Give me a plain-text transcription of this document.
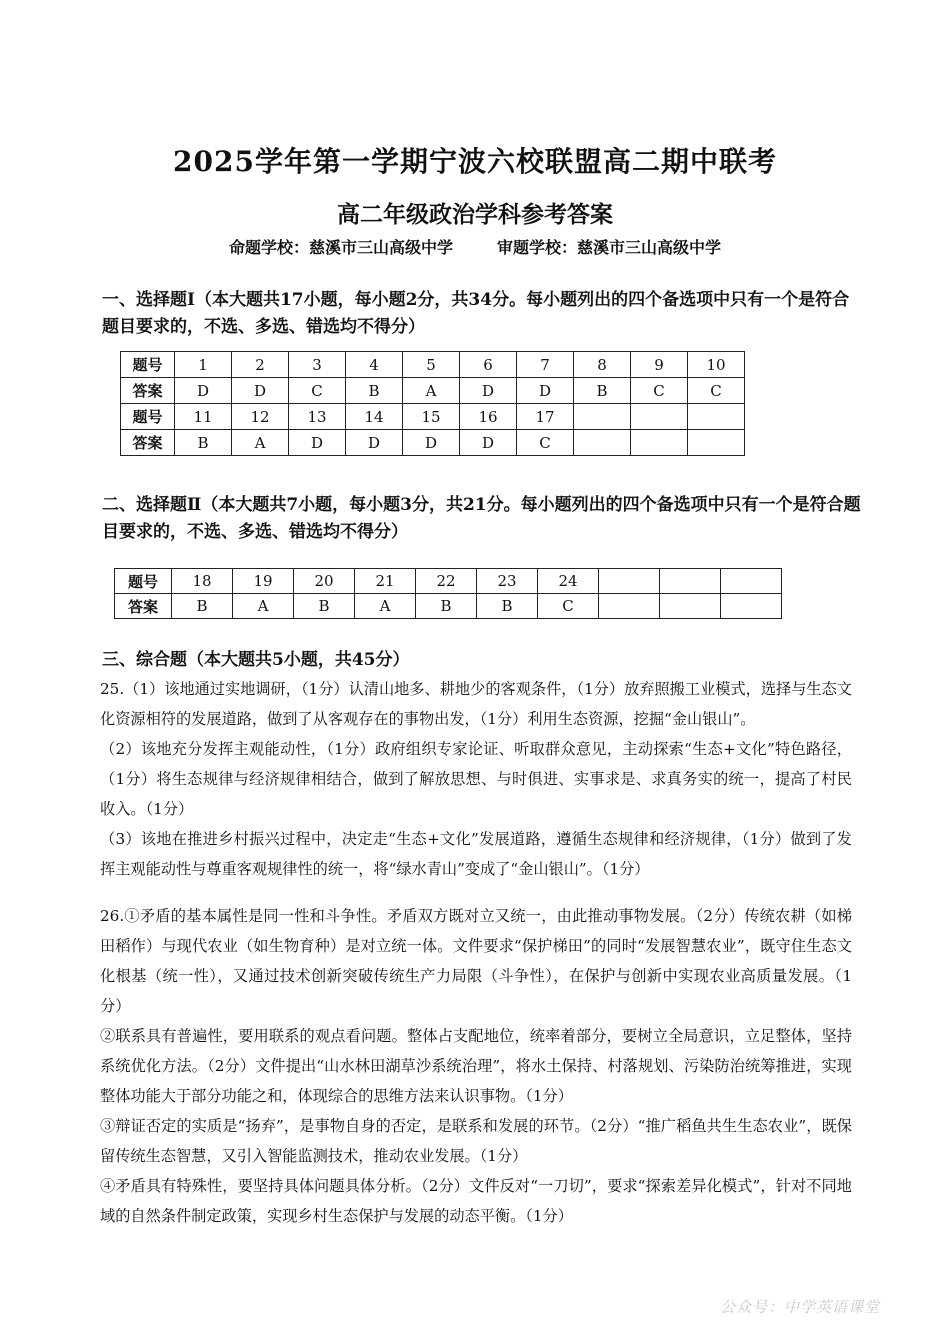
2025学年第一学期宁波六校联盟高二期中联考
高二年级政治学科参考答案
命题学校：慈溪市三山高级中学	审题学校：慈溪市三山高级中学
一、选择题Ⅰ（本大题共17小题，每小题2分，共34分。每小题列出的四个备选项中只有一个是符合题目要求的，不选、多选、错选均不得分）
题号	1	2	3	4	5	6	7	8	9	10
答案	D	D	C	B	A	D	D	B	C	C
题号	11	12	13	14	15	16	17			
答案	B	A	D	D	D	D	C			
二、选择题Ⅱ（本大题共7小题，每小题3分，共21分。每小题列出的四个备选项中只有一个是符合题目要求的，不选、多选、错选均不得分）
题号	18	19	20	21	22	23	24			
答案	B	A	B	A	B	B	C			
三、综合题（本大题共5小题，共45分）

25.（1）该地通过实地调研，（1分）认清山地多、耕地少的客观条件，（1分）放弃照搬工业模式，选择与生态文化资源相符的发展道路，做到了从客观存在的事物出发，（1分）利用生态资源，挖掘“金山银山”。

（2）该地充分发挥主观能动性，（1分）政府组织专家论证、听取群众意见，主动探索“生态+文化”特色路径，（1分）将生态规律与经济规律相结合，做到了解放思想、与时俱进、实事求是、求真务实的统一，提高了村民收入。（1分）

（3）该地在推进乡村振兴过程中，决定走“生态+文化”发展道路，遵循生态规律和经济规律，（1分）做到了发挥主观能动性与尊重客观规律性的统一，将“绿水青山”变成了“金山银山”。（1分）

26.①矛盾的基本属性是同一性和斗争性。矛盾双方既对立又统一，由此推动事物发展。（2分）传统农耕（如梯田稻作）与现代农业（如生物育种）是对立统一体。文件要求“保护梯田”的同时“发展智慧农业”，既守住生态文化根基（统一性），又通过技术创新突破传统生产力局限（斗争性），在保护与创新中实现农业高质量发展。（1分）

②联系具有普遍性，要用联系的观点看问题。整体占支配地位，统率着部分，要树立全局意识，立足整体，坚持系统优化方法。（2分）文件提出“山水林田湖草沙系统治理”，将水土保持、村落规划、污染防治统筹推进，实现整体功能大于部分功能之和，体现综合的思维方法来认识事物。（1分）

③辩证否定的实质是“扬弃”，是事物自身的否定，是联系和发展的环节。（2分）“推广稻鱼共生生态农业”，既保留传统生态智慧，又引入智能监测技术，推动农业发展。（1分）

④矛盾具有特殊性，要坚持具体问题具体分析。（2分）文件反对“一刀切”，要求“探索差异化模式”，针对不同地域的自然条件制定政策，实现乡村生态保护与发展的动态平衡。（1分）

公众号：中学英语课堂
